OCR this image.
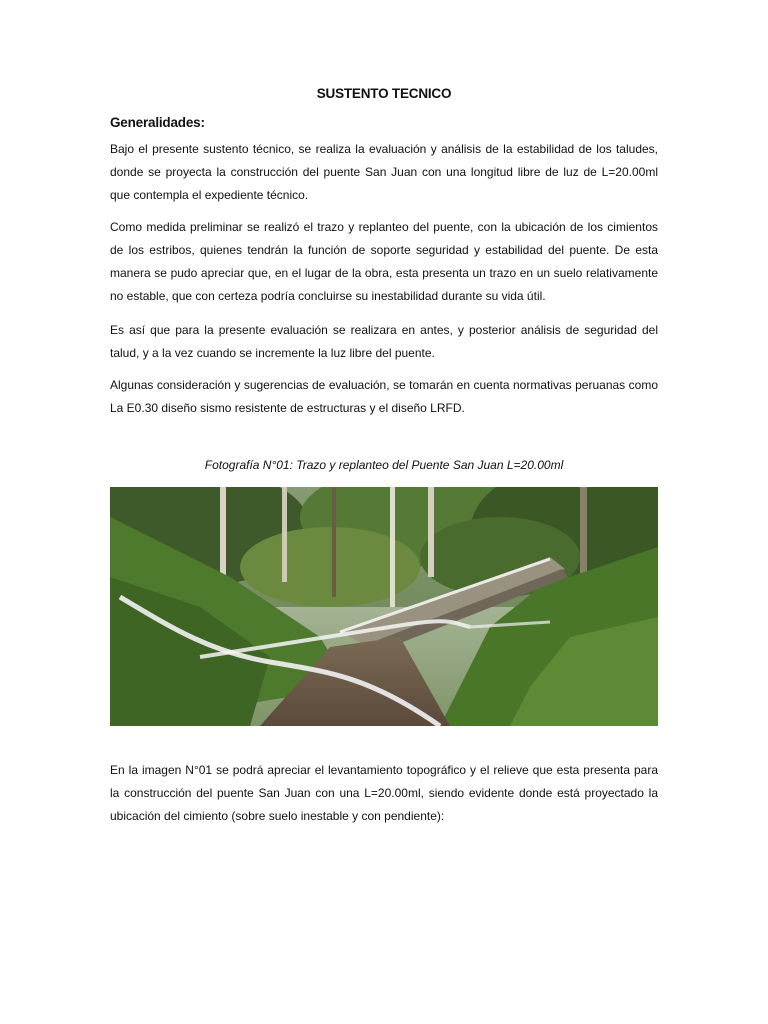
SUSTENTO TECNICO
Generalidades:

Bajo el presente sustento técnico, se realiza la evaluación y análisis de la estabilidad de los taludes, donde se proyecta la construcción del puente San Juan con una longitud libre de luz de L=20.00ml que contempla el expediente técnico.

Como medida preliminar se realizó el trazo y replanteo del puente, con la ubicación de los cimientos de los estribos, quienes tendrán la función de soporte seguridad y estabilidad del puente. De esta manera se pudo apreciar que, en el lugar de la obra, esta presenta un trazo en un suelo relativamente no estable, que con certeza podría concluirse su inestabilidad durante su vida útil.

Es así que para la presente evaluación se realizara en antes, y posterior análisis de seguridad del talud, y a la vez cuando se incremente la luz libre del puente.

Algunas consideración y sugerencias de evaluación, se tomarán en cuenta normativas peruanas como La E0.30 diseño sismo resistente de estructuras y el diseño LRFD.

Fotografía N°01: Trazo y replanteo del Puente San Juan L=20.00ml

En la imagen N°01 se podrá apreciar el levantamiento topográfico y el relieve que esta presenta para la construcción del puente San Juan con una L=20.00ml, siendo evidente donde está proyectado la ubicación del cimiento (sobre suelo inestable y con pendiente):
